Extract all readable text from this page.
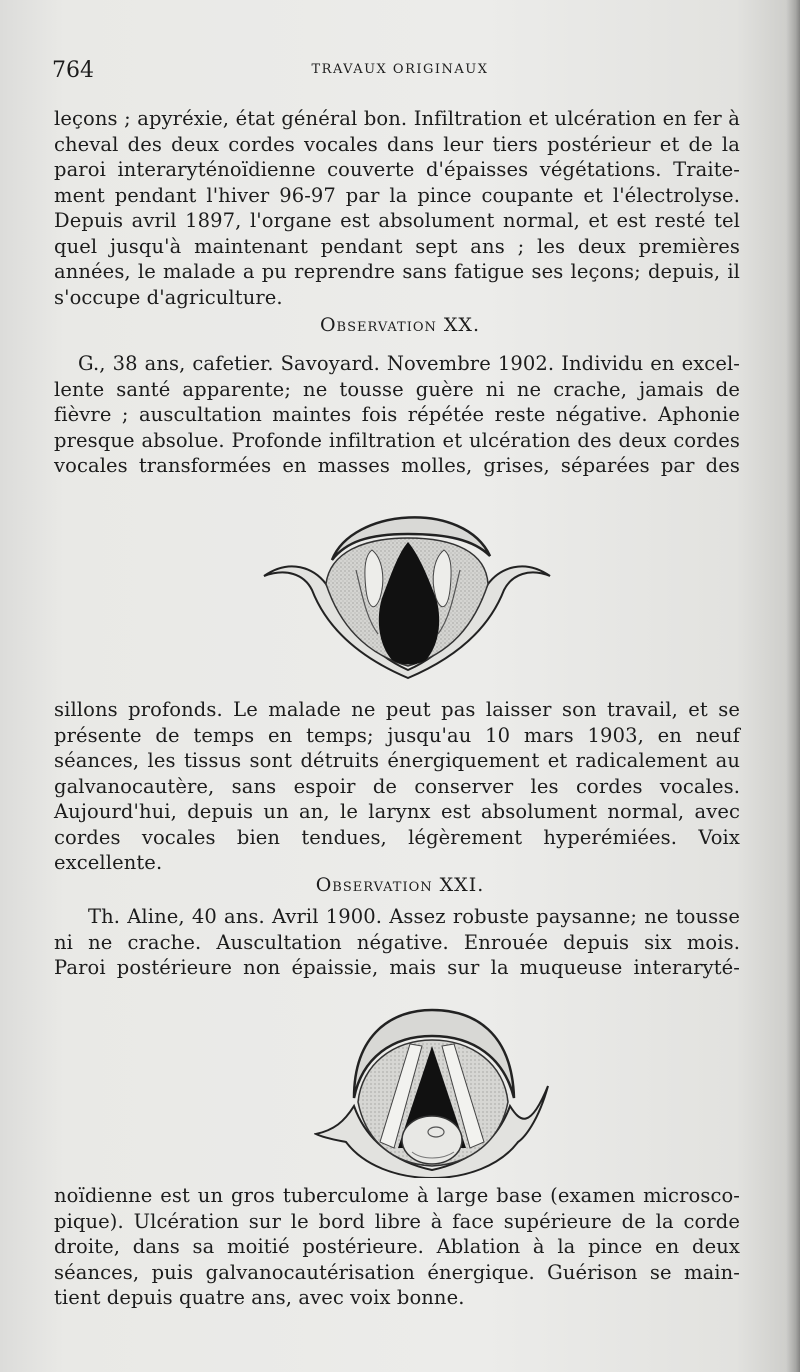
764	TRAVAUX ORIGINAUX
leçons ; apyréxie, état général bon. Infiltration et ulcération en fer à
cheval des deux cordes vocales dans leur tiers postérieur et de la
paroi interaryténoïdienne couverte d'épaisses végétations. Traite-
ment pendant l'hiver 96-97 par la pince coupante et l'électrolyse.
Depuis avril 1897, l'organe est absolument normal, et est resté tel
quel jusqu'à maintenant pendant sept ans ; les deux premières
années, le malade a pu reprendre sans fatigue ses leçons; depuis, il
s'occupe d'agriculture.
Observation XX.
G., 38 ans, cafetier. Savoyard. Novembre 1902. Individu en excel-
lente santé apparente; ne tousse guère ni ne crache, jamais de
fièvre ; auscultation maintes fois répétée reste négative. Aphonie
presque absolue. Profonde infiltration et ulcération des deux cordes
vocales transformées en masses molles, grises, séparées par des
sillons profonds. Le malade ne peut pas laisser son travail, et se
présente de temps en temps; jusqu'au 10 mars 1903, en neuf
séances, les tissus sont détruits énergiquement et radicalement au
galvanocautère, sans espoir de conserver les cordes vocales.
Aujourd'hui, depuis un an, le larynx est absolument normal, avec
cordes vocales bien tendues, légèrement hyperémiées. Voix
excellente.
Observation XXI.
Th. Aline, 40 ans. Avril 1900. Assez robuste paysanne; ne tousse
ni ne crache. Auscultation négative. Enrouée depuis six mois.
Paroi postérieure non épaissie, mais sur la muqueuse interaryté-
noïdienne est un gros tuberculome à large base (examen microsco-
pique). Ulcération sur le bord libre à face supérieure de la corde
droite, dans sa moitié postérieure. Ablation à la pince en deux
séances, puis galvanocautérisation énergique. Guérison se main-
tient depuis quatre ans, avec voix bonne.
